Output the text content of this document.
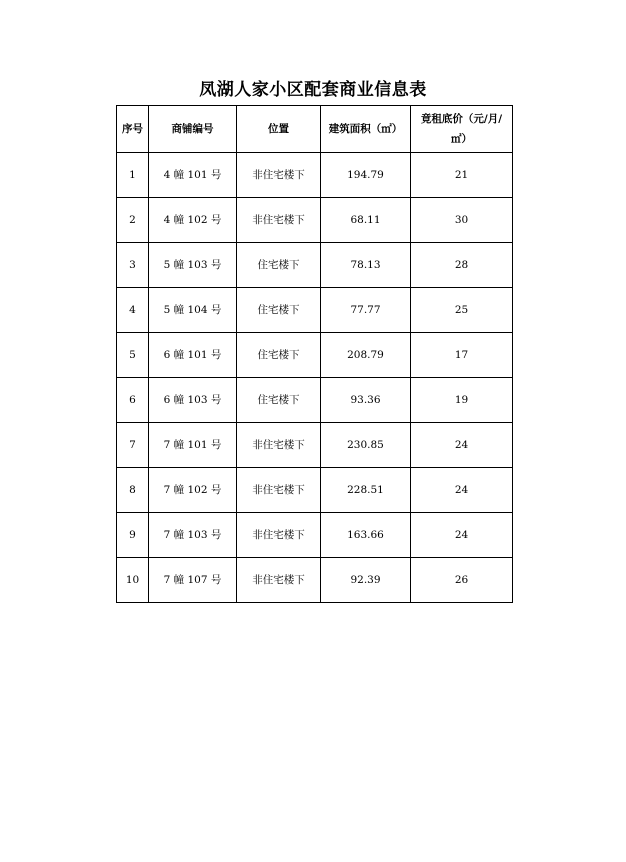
凤湖人家小区配套商业信息表
序号	商铺编号	位置	建筑面积（㎡）	竟租底价（元/月/
㎡）

1	4 幢 101 号	非住宅楼下	194.79	21
2	4 幢 102 号	非住宅楼下	68.11	30
3	5 幢 103 号	住宅楼下	78.13	28
4	5 幢 104 号	住宅楼下	77.77	25
5	6 幢 101 号	住宅楼下	208.79	17
6	6 幢 103 号	住宅楼下	93.36	19
7	7 幢 101 号	非住宅楼下	230.85	24
8	7 幢 102 号	非住宅楼下	228.51	24
9	7 幢 103 号	非住宅楼下	163.66	24
10	7 幢 107 号	非住宅楼下	92.39	26
